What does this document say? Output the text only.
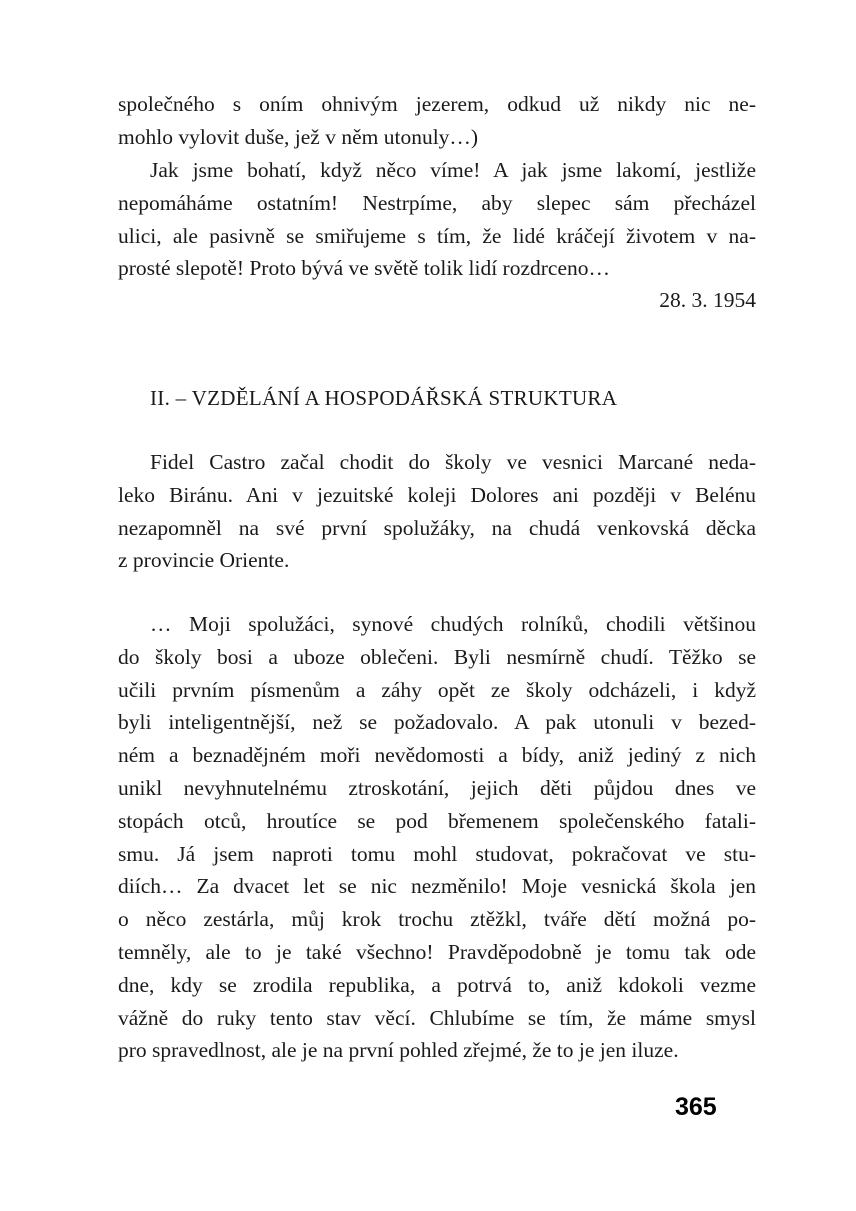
společného s oním ohnivým jezerem, odkud už nikdy nic ne-
mohlo vylovit duše, jež v něm utonuly…)
Jak jsme bohatí, když něco víme! A jak jsme lakomí, jestliže
nepomáháme ostatním! Nestrpíme, aby slepec sám přecházel
ulici, ale pasivně se smiřujeme s tím, že lidé kráčejí životem v na-
prosté slepotě! Proto bývá ve světě tolik lidí rozdrceno…
28. 3. 1954
II. – VZDĚLÁNÍ A HOSPODÁŘSKÁ STRUKTURA
Fidel Castro začal chodit do školy ve vesnici Marcané neda-
leko Biránu. Ani v jezuitské koleji Dolores ani později v Belénu
nezapomněl na své první spolužáky, na chudá venkovská děcka
z provincie Oriente.
… Moji spolužáci, synové chudých rolníků, chodili většinou
do školy bosi a uboze oblečeni. Byli nesmírně chudí. Těžko se
učili prvním písmenům a záhy opět ze školy odcházeli, i když
byli inteligentnější, než se požadovalo. A pak utonuli v bezed-
ném a beznadějném moři nevědomosti a bídy, aniž jediný z nich
unikl nevyhnutelnému ztroskotání, jejich děti půjdou dnes ve
stopách otců, hroutíce se pod břemenem společenského fatali-
smu. Já jsem naproti tomu mohl studovat, pokračovat ve stu-
diích… Za dvacet let se nic nezměnilo! Moje vesnická škola jen
o něco zestárla, můj krok trochu ztěžkl, tváře dětí možná po-
temněly, ale to je také všechno! Pravděpodobně je tomu tak ode
dne, kdy se zrodila republika, a potrvá to, aniž kdokoli vezme
vážně do ruky tento stav věcí. Chlubíme se tím, že máme smysl
pro spravedlnost, ale je na první pohled zřejmé, že to je jen iluze.
365
